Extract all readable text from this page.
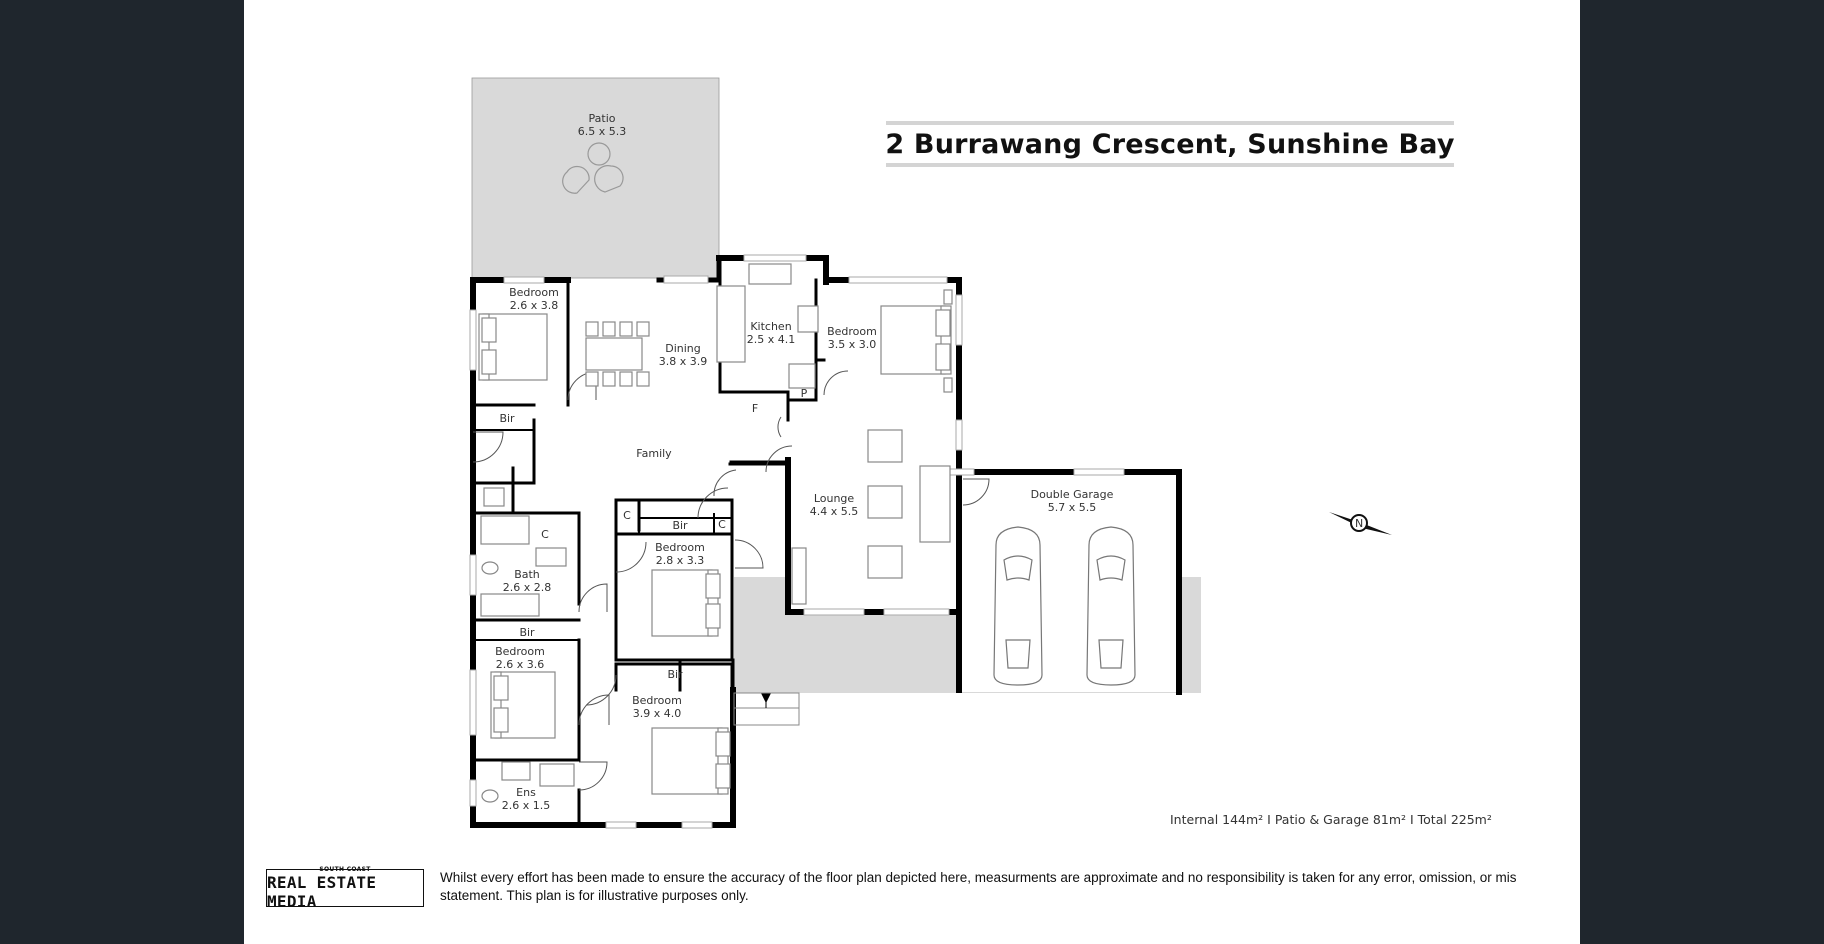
N
Patio
6.5 x 5.3
Bedroom
2.6 x 3.8
Dining
3.8 x 3.9
Kitchen
2.5 x 4.1
Bedroom
3.5 x 3.0
Family
Lounge
4.4 x 5.5
Double Garage
5.7 x 5.5
Bedroom
2.8 x 3.3
Bath
2.6 x 2.8
Bedroom
2.6 x 3.6
Bedroom
3.9 x 4.0
Ens
2.6 x 1.5
Bir
Bir
Bir
Bir
C
C
C
F
P
2 Burrawang Crescent, Sunshine Bay
Internal 144m² I Patio & Garage 81m² I Total 225m²
SOUTH COAST
REAL ESTATE MEDIA
Whilst every effort has been made to ensure the accuracy of the floor plan depicted here, measurments are approximate and no responsibility is taken for any error, omission, or mis statement. This plan is for illustrative purposes only.
